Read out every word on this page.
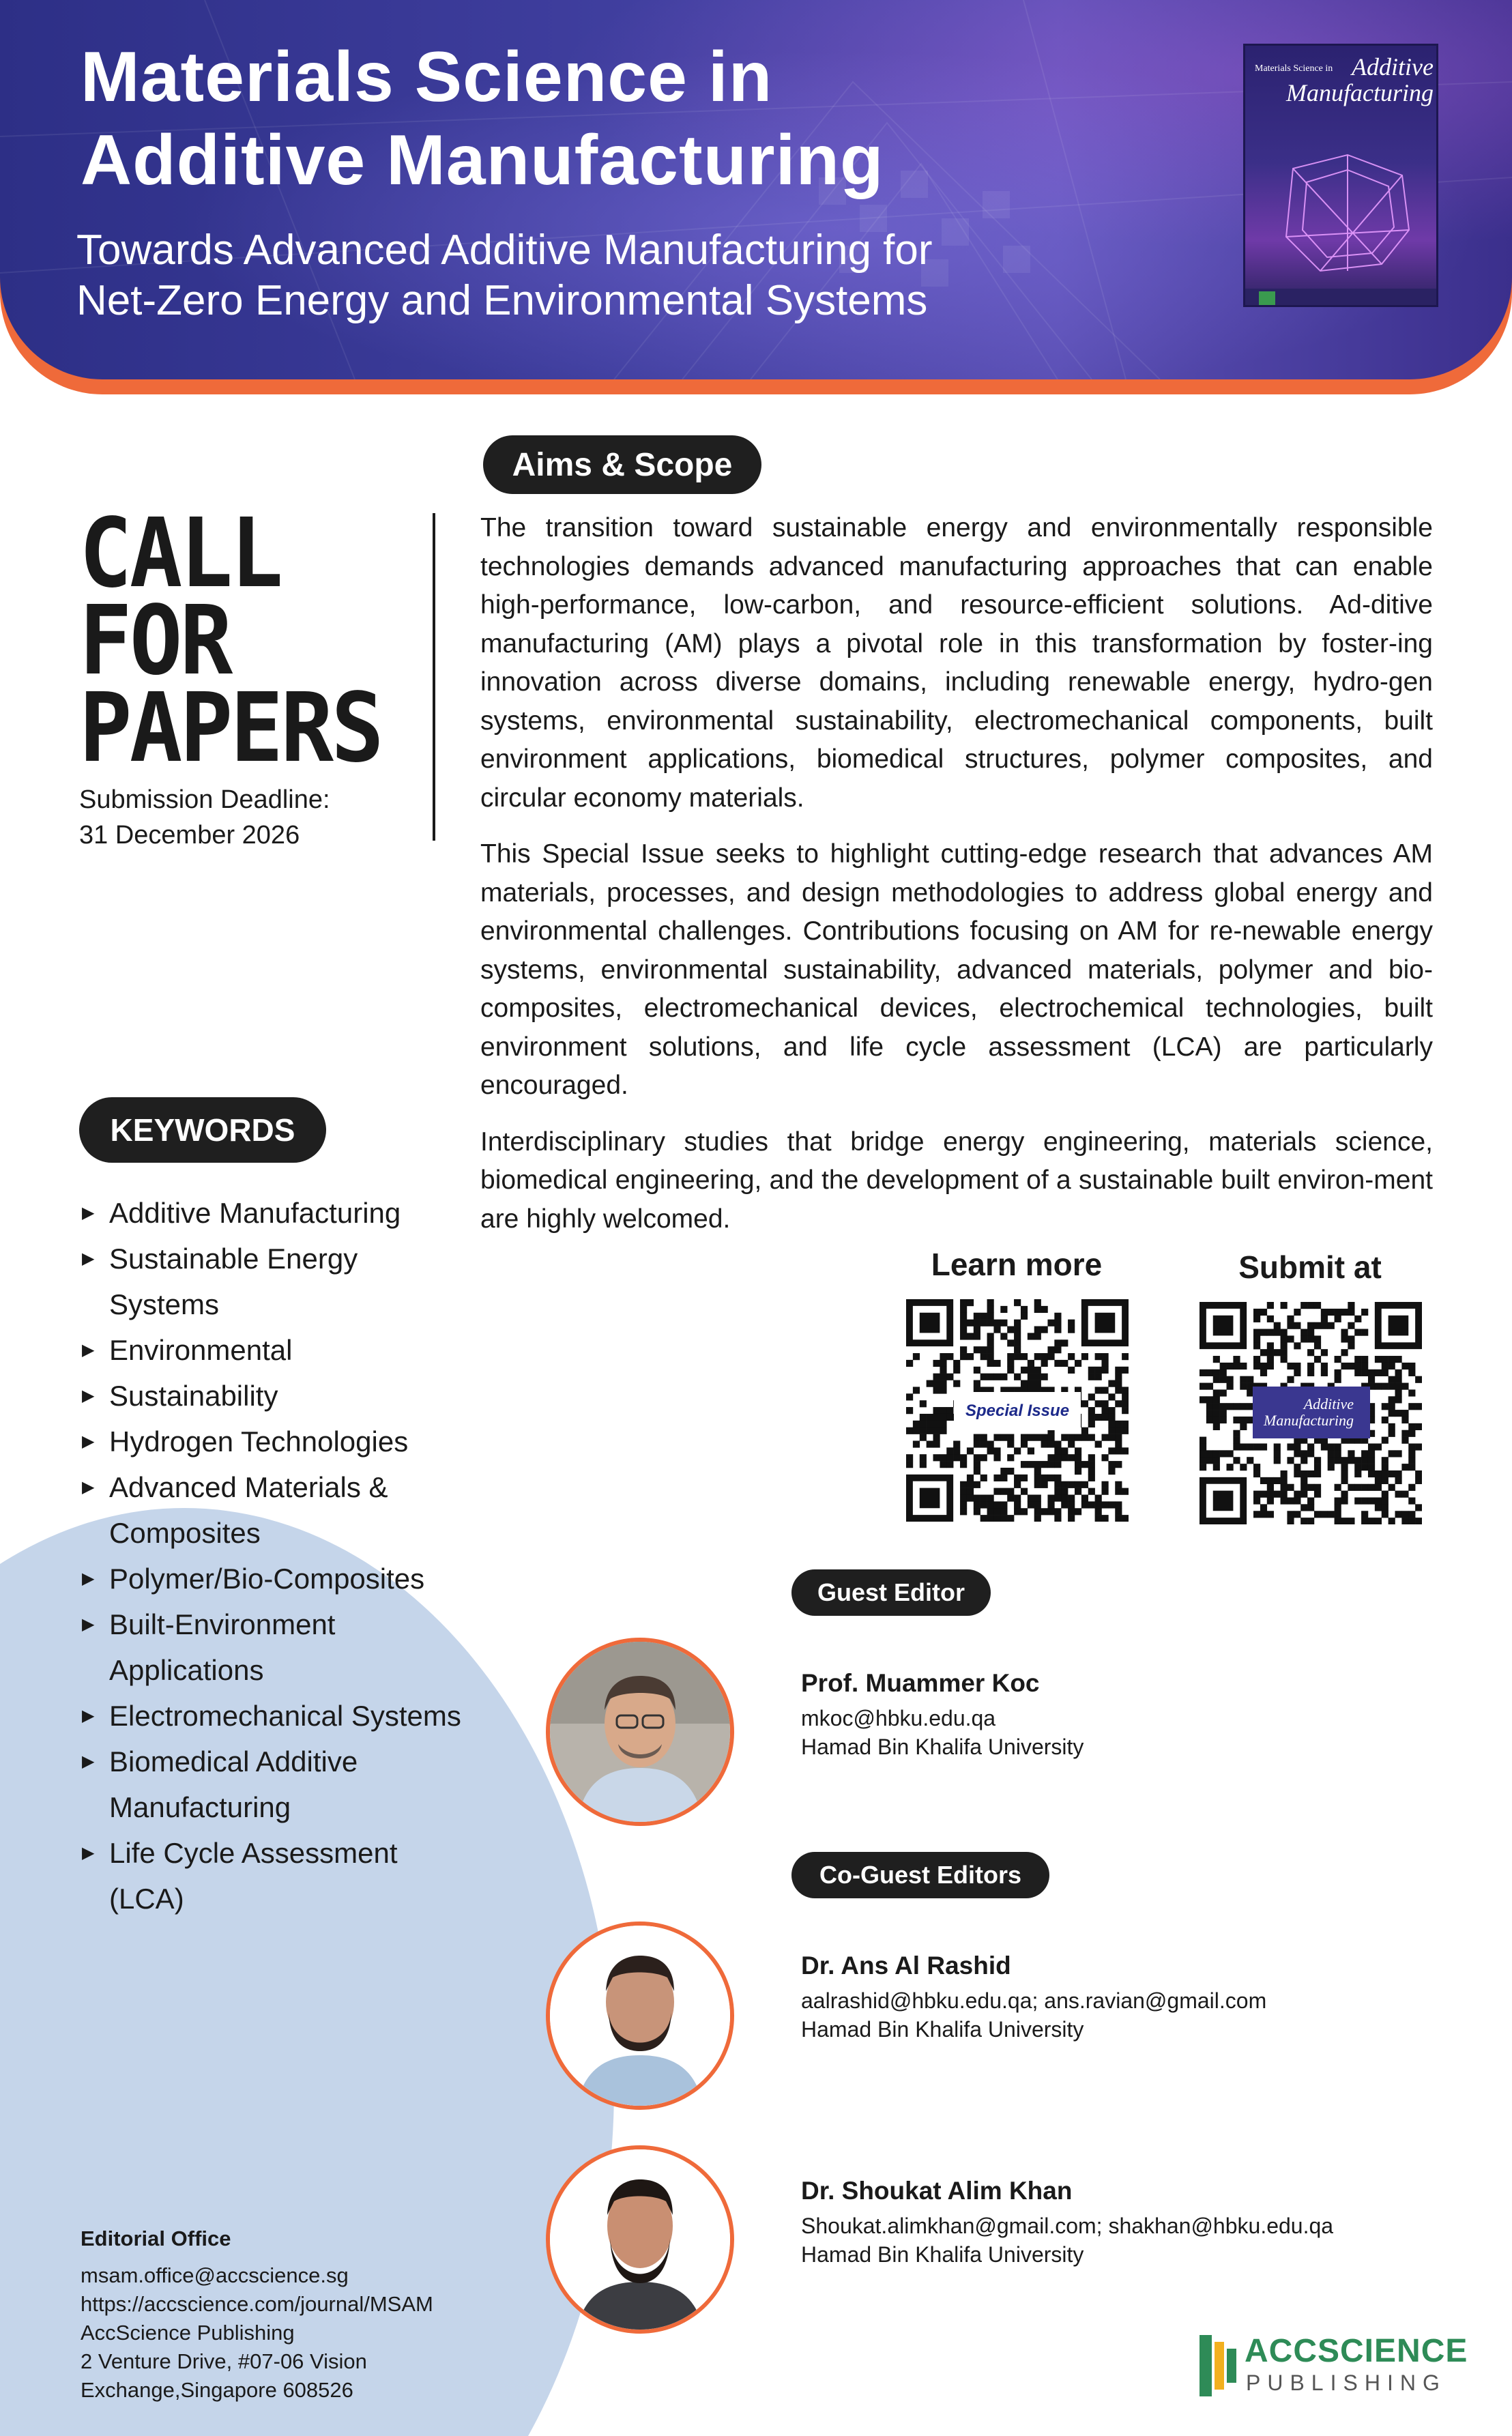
Materials Science in
Additive Manufacturing
Towards Advanced Additive Manufacturing for
Net-Zero Energy and Environmental Systems
Materials Science in Additive
Manufacturing
CALL
FOR
PAPERS
Submission Deadline:
31 December 2026
Aims & Scope

The transition toward sustainable energy and environmentally responsible technologies demands advanced manufacturing approaches that can enable high-performance, low-carbon, and resource-efficient solutions. Ad-ditive manufacturing (AM) plays a pivotal role in this transformation by foster-ing innovation across diverse domains, including renewable energy, hydro-gen systems, environmental sustainability, electromechanical components, built environment applications, biomedical structures, polymer composites, and circular economy materials.

This Special Issue seeks to highlight cutting-edge research that advances AM materials, processes, and design methodologies to address global energy and environmental challenges. Contributions focusing on AM for re-newable energy systems, environmental sustainability, advanced materials, polymer and bio-composites, electromechanical devices, electrochemical technologies, built environment solutions, and life cycle assessment (LCA) are particularly encouraged.

Interdisciplinary studies that bridge energy engineering, materials science, biomedical engineering, and the development of a sustainable built environ-ment are highly welcomed.

KEYWORDS
▶ Additive Manufacturing
▶ Sustainable Energy Systems
▶ Environmental
▶ Sustainability
▶ Hydrogen Technologies
▶ Advanced Materials & Composites
▶ Polymer/Bio-Composites
▶ Built-Environment Applications
▶ Electromechanical Systems
▶ Biomedical Additive Manufacturing
▶ Life Cycle Assessment (LCA)
Learn more	Submit at
Special Issue	Additive
Manufacturing
Guest Editor
Prof. Muammer Koc
mkoc@hbku.edu.qa
Hamad Bin Khalifa University
Co-Guest Editors
Dr. Ans Al Rashid
aalrashid@hbku.edu.qa; ans.ravian@gmail.com
Hamad Bin Khalifa University
Dr. Shoukat Alim Khan
Shoukat.alimkhan@gmail.com; shakhan@hbku.edu.qa
Hamad Bin Khalifa University
Editorial Office
msam.office@accscience.sg
https://accscience.com/journal/MSAM
AccScience Publishing
2 Venture Drive, #07-06 Vision
Exchange,Singapore 608526
ACCSCIENCE
PUBLISHING
